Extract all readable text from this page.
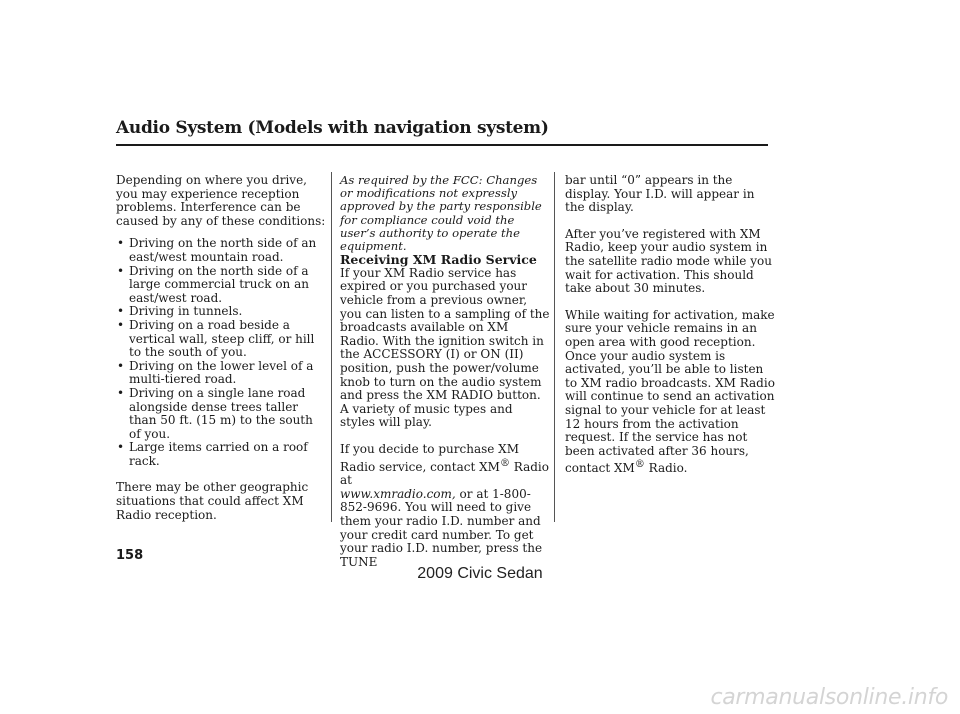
Audio System (Models with navigation system)

Depending on where you drive, you may experience reception problems. Interference can be caused by any of these conditions:

• Driving on the north side of an east/west mountain road.
• Driving on the north side of a large commercial truck on an east/west road.
• Driving in tunnels.
• Driving on a road beside a vertical wall, steep cliff, or hill to the south of you.
• Driving on the lower level of a multi-tiered road.
• Driving on a single lane road alongside dense trees taller than 50 ft. (15 m) to the south of you.
• Large items carried on a roof rack.

There may be other geographic situations that could affect XM Radio reception.

As required by the FCC: Changes or modifications not expressly approved by the party responsible for compliance could void the user’s authority to operate the equipment.

Receiving XM Radio Service

If your XM Radio service has expired or you purchased your vehicle from a previous owner, you can listen to a sampling of the broadcasts available on XM Radio. With the ignition switch in the ACCESSORY (I) or ON (II) position, push the power/volume knob to turn on the audio system and press the XM RADIO button. A variety of music types and styles will play.

If you decide to purchase XM Radio service, contact XM® Radio at
www.xmradio.com, or at 1-800-852-9696. You will need to give them your radio I.D. number and your credit card number. To get your radio I.D. number, press the TUNE

bar until “0” appears in the display. Your I.D. will appear in the display.

After you’ve registered with XM Radio, keep your audio system in the satellite radio mode while you wait for activation. This should take about 30 minutes.

While waiting for activation, make sure your vehicle remains in an open area with good reception. Once your audio system is activated, you’ll be able to listen to XM radio broadcasts. XM Radio will continue to send an activation signal to your vehicle for at least 12 hours from the activation request. If the service has not been activated after 36 hours, contact XM® Radio.

158
2009 Civic Sedan
carmanualsonline.info
